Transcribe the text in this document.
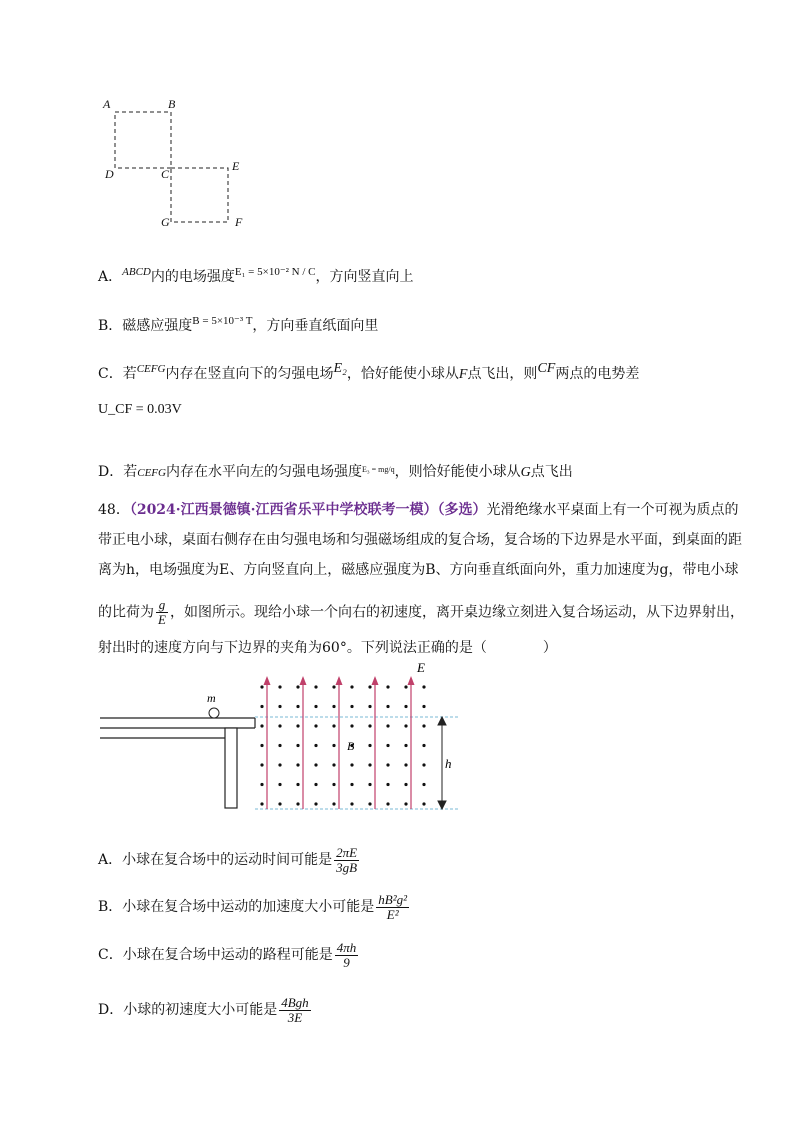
A	B
D	C
E
G	F
A．$^{ABCD}$内的电场强度$^{E_1 = 5\times 10^{-2} N / C}$，方向竖直向上
B．磁感应强度$^{B = 5\times 10^{-3} T}$，方向垂直纸面向里
C．若$^{CEFG}$内存在竖直向下的匀强电场E₂，恰好能使小球从F点飞出，则CF两点的电势差
U_CF = 0.03V
D．若CEFG内存在水平向左的匀强电场强度$^{E_3 = mg/q}$，则恰好能使小球从G点飞出
48．（2024·江西景德镇·江西省乐平中学校联考一模）（多选）光滑绝缘水平桌面上有一个可视为质点的
带正电小球，桌面右侧存在由匀强电场和匀强磁场组成的复合场，复合场的下边界是水平面，到桌面的距
离为h，电场强度为E、方向竖直向上，磁感应强度为B、方向垂直纸面向外，重力加速度为g，带电小球
的比荷为 $\frac{g}{E}$ ，如图所示。现给小球一个向右的初速度，离开桌边缘立刻进入复合场运动，从下边界射出，
射出时的速度方向与下边界的夹角为60°。下列说法正确的是（　　　　）
m
E
B
h
A．小球在复合场中的运动时间可能是 $\frac{2\pi E}{3gB}$
B．小球在复合场中运动的加速度大小可能是 $\frac{\text{hB²g²}}{\text{E²}}$
C．小球在复合场中运动的路程可能是 $\frac{4\pi h}{9}$
D．小球的初速度大小可能是 $\frac{\text{4Bgh}}{3E}$
